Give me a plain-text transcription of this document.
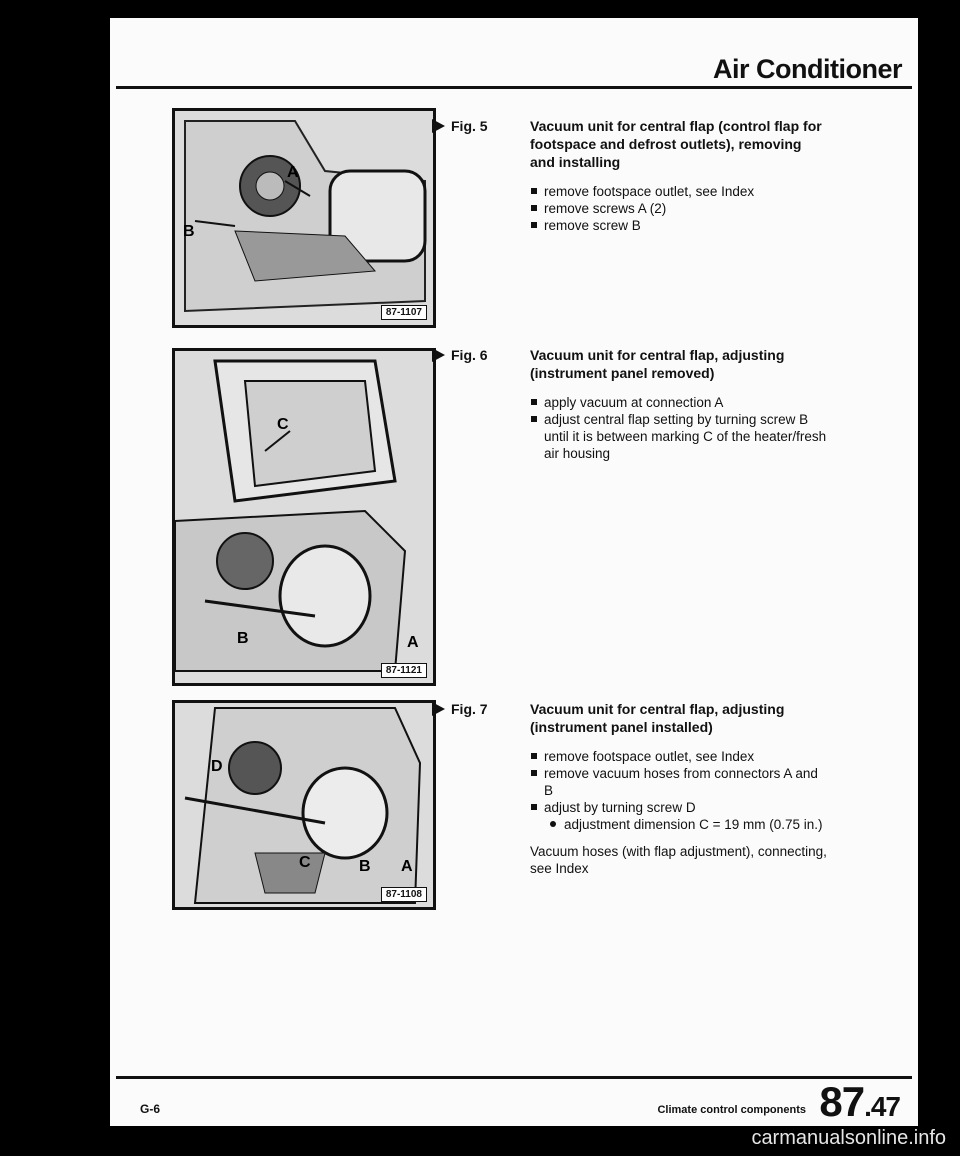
Air Conditioner
A
B
87-1107
Fig. 5	Vacuum unit for central flap (control flap for footspace and defrost outlets), removing and installing
remove footspace outlet, see Index
remove screws A (2)
remove screw B
C
A
B
87-1121
Fig. 6	Vacuum unit for central flap, adjusting (instrument panel removed)
apply vacuum at connection A
adjust central flap setting by turning screw B until it is between marking C of the heater/fresh air housing
D
C	B A
87-1108
Fig. 7	Vacuum unit for central flap, adjusting (instrument panel installed)
remove footspace outlet, see Index
remove vacuum hoses from connectors A and B
adjust by turning screw D
adjustment dimension C = 19 mm (0.75 in.)
Vacuum hoses (with flap adjustment), connecting, see Index
G-6	Climate control components 87.47
carmanualsonline.info
